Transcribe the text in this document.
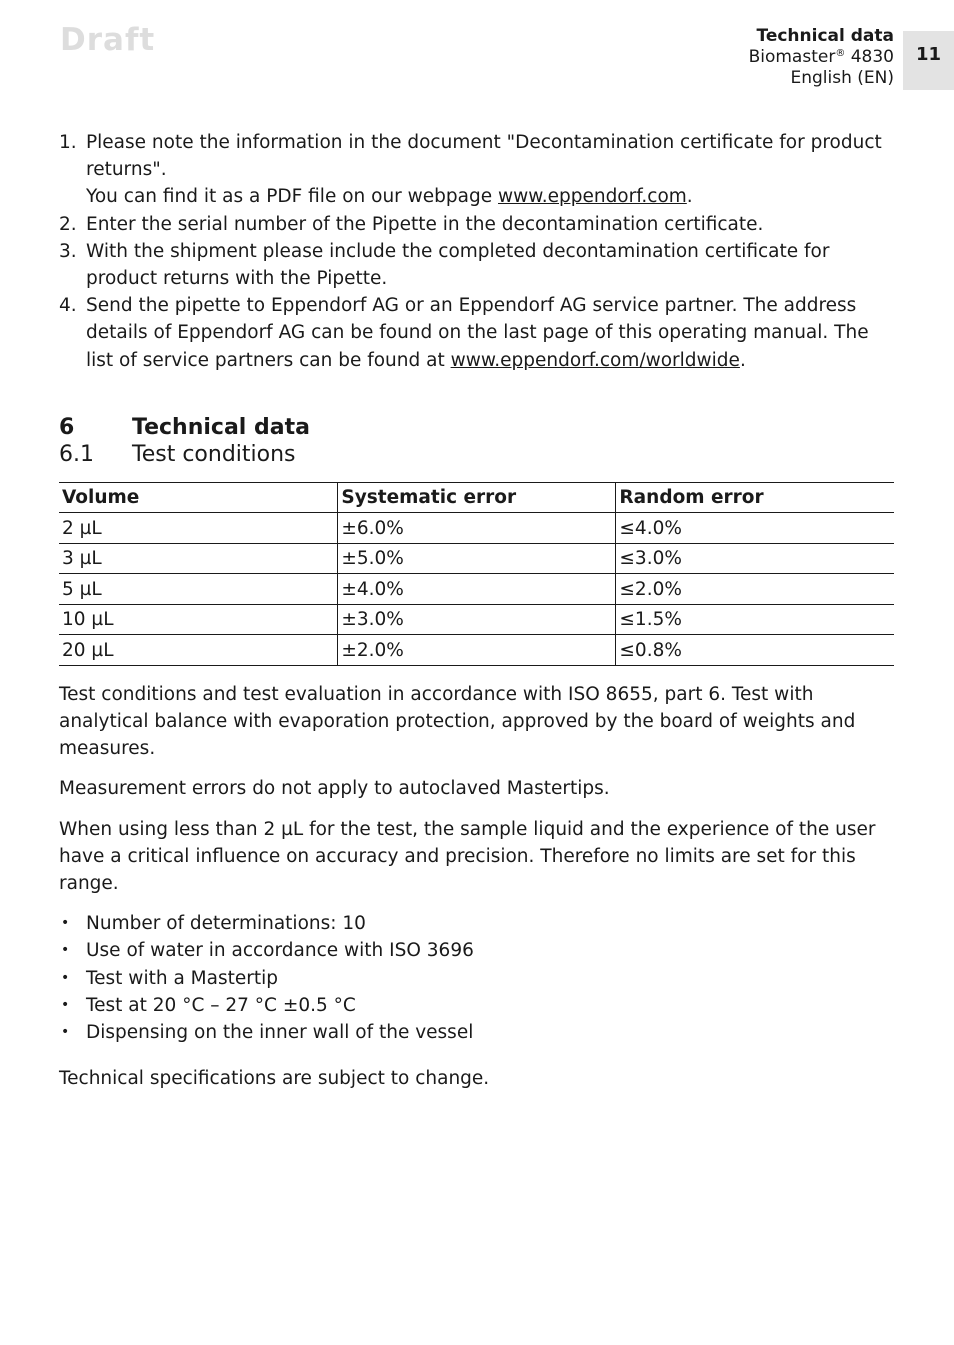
Draft	Technical data
Biomaster® 4830
English (EN)
11
1. Please note the information in the document "Decontamination certificate for product returns".
You can find it as a PDF file on our webpage www.eppendorf.com.
2. Enter the serial number of the Pipette in the decontamination certificate.
3. With the shipment please include the completed decontamination certificate for product returns with the Pipette.
4. Send the pipette to Eppendorf AG or an Eppendorf AG service partner. The address details of Eppendorf AG can be found on the last page of this operating manual. The list of service partners can be found at www.eppendorf.com/worldwide.
6	Technical data
6.1	Test conditions
Volume	Systematic error	Random error
2 µL	±6.0%	≤4.0%
3 µL	±5.0%	≤3.0%
5 µL	±4.0%	≤2.0%
10 µL	±3.0%	≤1.5%
20 µL	±2.0%	≤0.8%

Test conditions and test evaluation in accordance with ISO 8655, part 6. Test with analytical balance with evaporation protection, approved by the board of weights and measures.

Measurement errors do not apply to autoclaved Mastertips.

When using less than 2 µL for the test, the sample liquid and the experience of the user have a critical influence on accuracy and precision. Therefore no limits are set for this range.

• Number of determinations: 10
• Use of water in accordance with ISO 3696
• Test with a Mastertip
• Test at 20 °C – 27 °C ±0.5 °C
• Dispensing on the inner wall of the vessel

Technical specifications are subject to change.
